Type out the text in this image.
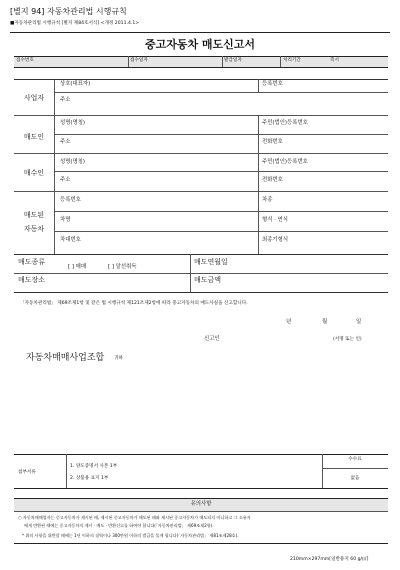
[별지 94] 자동차관리법 시행규칙
■자동차관리법 시행규칙 [별지 제84호서식] <개정 2011.4.1>
중고자동차 매도신고서
접수번호	접수일자	발급일자	처리기간	즉시
사업자
상호(대표자)	등록번호
주소
매도인
성명(명칭)	주민(법인)등록번호
주소	전화번호
매수인
성명(명칭)	주민(법인)등록번호
주소	전화번호
매도된
자동차
등록번호	차종
차명	형식 · 연식
차대번호	최종기형식
매도종류
[ ] 매매	[ ] 알선취득
매도연월일
매도장소	매도금액
「자동차관리법」 제69조제1항 및 같은 법 시행규칙 제121조제2항에 따라 중고자동차의 매도사실을 신고합니다.
년	월	일
신고인	(서명 또는 인)
자동차매매사업조합 귀하
첨부서류
1. 양도증명서 사본 1부
2. 상품용 표지 1부
수수료
없음
유의사항
○ 자동차매매업자는 중고자동차가 제시된 때, 제시된 중고자동차가 매도된 때와 제시된 중고자동차가 매도되지 아니하고 그 소유자
에게 반환된 때에는 중고자동차의 제시 · 매도 · 반환신고를 하여야 합니다(「자동차관리법」 제69조제2항).
* 위의 사항을 위반할 때에는 1년 이하의 징역이나 300만원 이하의 벌금을 물게 됩니다(「자동차관리법」 제81조제28호).
210mm×297mm[일반용지 60 g/㎡]
